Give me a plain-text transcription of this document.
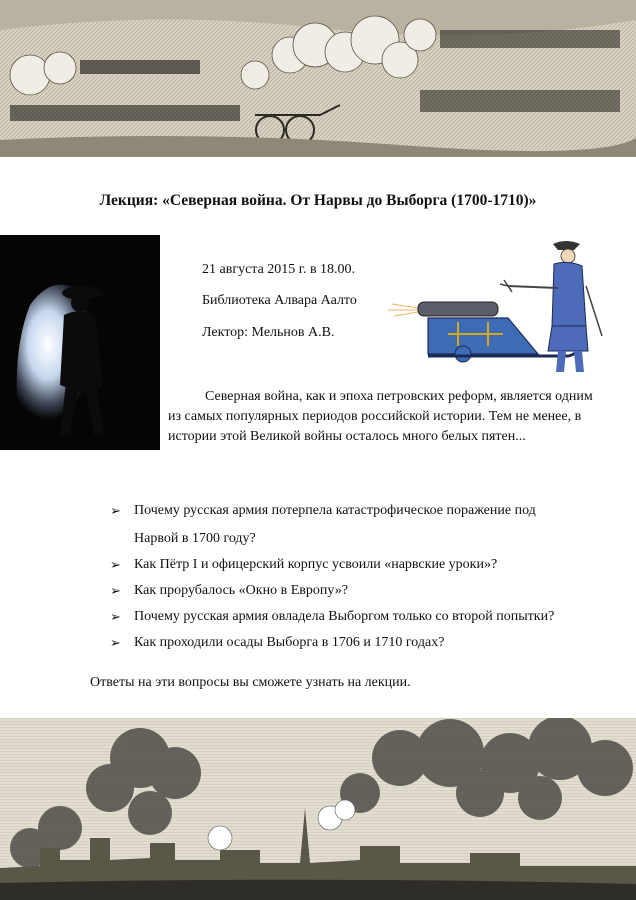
Лекция: «Северная война. От Нарвы до Выборга (1700-1710)»
21 августа 2015 г. в 18.00.
Библиотека Алвара Аалто
Лектор: Мельнов А.В.
Северная война, как и эпоха петровских реформ, является одним из самых популярных периодов российской истории. Тем не менее, в истории этой Великой войны осталось много белых пятен...
➢ Почему русская армия потерпела катастрофическое поражение под
Нарвой в 1700 году?
➢ Как Пётр I и офицерский корпус усвоили «нарвские уроки»?
➢ Как прорубалось «Окно в Европу»?
➢ Почему русская армия овладела Выборгом только со второй попытки?
➢ Как проходили осады Выборга в 1706 и 1710 годах?
Ответы на эти вопросы вы сможете узнать на лекции.
